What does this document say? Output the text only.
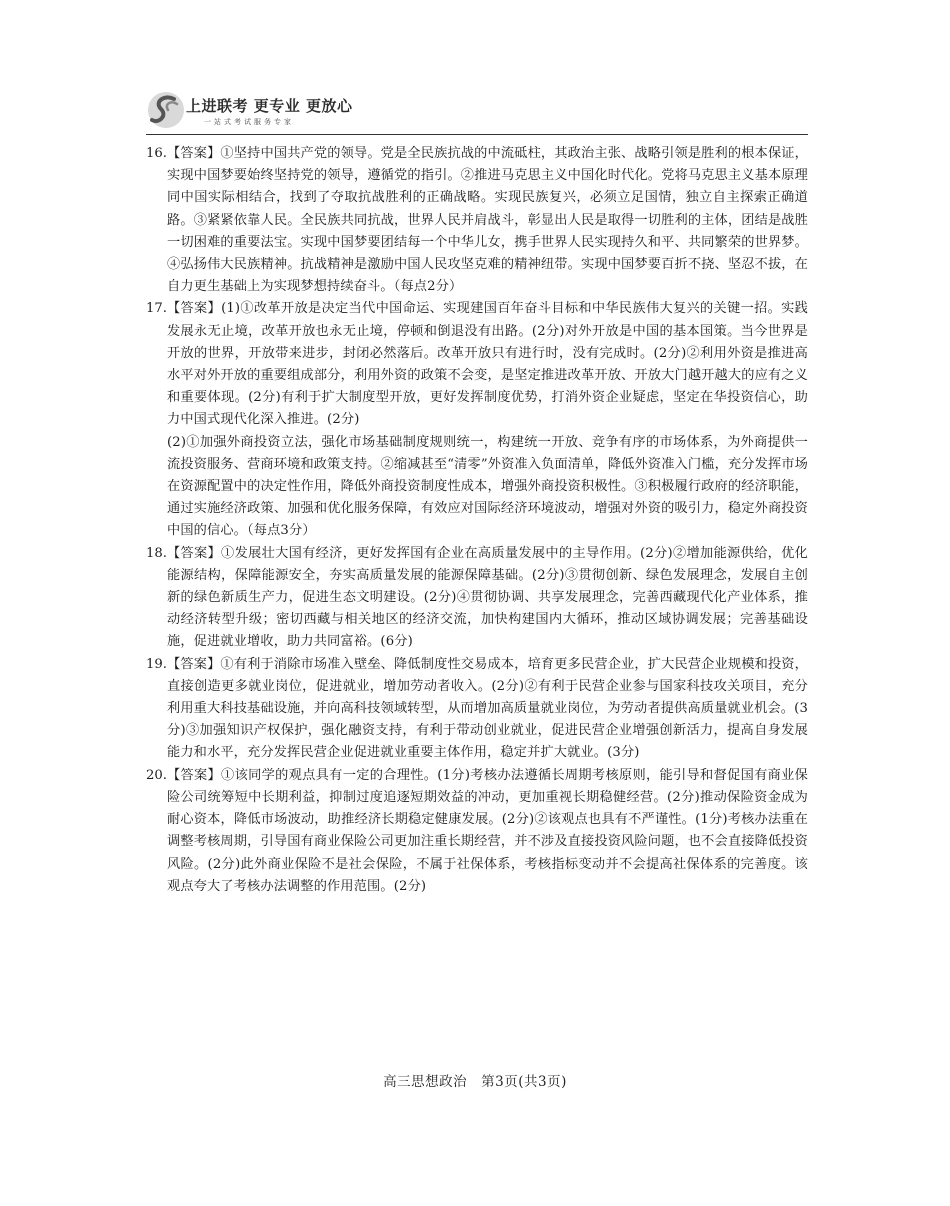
上进联考 更专业 更放心
一站式考试服务专家
16. 【答案】①坚持中国共产党的领导。党是全民族抗战的中流砥柱，其政治主张、战略引领是胜利的根本保证，实现中国梦要始终坚持党的领导，遵循党的指引。②推进马克思主义中国化时代化。党将马克思主义基本原理同中国实际相结合，找到了夺取抗战胜利的正确战略。实现民族复兴，必须立足国情，独立自主探索正确道路。③紧紧依靠人民。全民族共同抗战，世界人民并肩战斗，彰显出人民是取得一切胜利的主体，团结是战胜一切困难的重要法宝。实现中国梦要团结每一个中华儿女，携手世界人民实现持久和平、共同繁荣的世界梦。④弘扬伟大民族精神。抗战精神是激励中国人民攻坚克难的精神纽带。实现中国梦要百折不挠、坚忍不拔，在自力更生基础上为实现梦想持续奋斗。（每点2分）

17. 【答案】(1)①改革开放是决定当代中国命运、实现建国百年奋斗目标和中华民族伟大复兴的关键一招。实践发展永无止境，改革开放也永无止境，停顿和倒退没有出路。(2分)对外开放是中国的基本国策。当今世界是开放的世界，开放带来进步，封闭必然落后。改革开放只有进行时，没有完成时。(2分)②利用外资是推进高水平对外开放的重要组成部分，利用外资的政策不会变，是坚定推进改革开放、开放大门越开越大的应有之义和重要体现。(2分)有利于扩大制度型开放，更好发挥制度优势，打消外资企业疑虑，坚定在华投资信心，助力中国式现代化深入推进。(2分)

(2)①加强外商投资立法，强化市场基础制度规则统一，构建统一开放、竞争有序的市场体系，为外商提供一流投资服务、营商环境和政策支持。②缩减甚至“清零”外资准入负面清单，降低外资准入门槛，充分发挥市场在资源配置中的决定性作用，降低外商投资制度性成本，增强外商投资积极性。③积极履行政府的经济职能，通过实施经济政策、加强和优化服务保障，有效应对国际经济环境波动，增强对外资的吸引力，稳定外商投资中国的信心。（每点3分）

18. 【答案】①发展壮大国有经济，更好发挥国有企业在高质量发展中的主导作用。(2分)②增加能源供给，优化能源结构，保障能源安全，夯实高质量发展的能源保障基础。(2分)③贯彻创新、绿色发展理念，发展自主创新的绿色新质生产力，促进生态文明建设。(2分)④贯彻协调、共享发展理念，完善西藏现代化产业体系，推动经济转型升级；密切西藏与相关地区的经济交流，加快构建国内大循环，推动区域协调发展；完善基础设施，促进就业增收，助力共同富裕。(6分)

19. 【答案】①有利于消除市场准入壁垒、降低制度性交易成本，培育更多民营企业，扩大民营企业规模和投资，直接创造更多就业岗位，促进就业，增加劳动者收入。(2分)②有利于民营企业参与国家科技攻关项目，充分利用重大科技基础设施，并向高科技领域转型，从而增加高质量就业岗位，为劳动者提供高质量就业机会。(3分)③加强知识产权保护，强化融资支持，有利于带动创业就业，促进民营企业增强创新活力，提高自身发展能力和水平，充分发挥民营企业促进就业重要主体作用，稳定并扩大就业。(3分)

20. 【答案】①该同学的观点具有一定的合理性。(1分)考核办法遵循长周期考核原则，能引导和督促国有商业保险公司统筹短中长期利益，抑制过度追逐短期效益的冲动，更加重视长期稳健经营。(2分)推动保险资金成为耐心资本，降低市场波动，助推经济长期稳定健康发展。(2分)②该观点也具有不严谨性。(1分)考核办法重在调整考核周期，引导国有商业保险公司更加注重长期经营，并不涉及直接投资风险问题，也不会直接降低投资风险。(2分)此外商业保险不是社会保险，不属于社保体系，考核指标变动并不会提高社保体系的完善度。该观点夸大了考核办法调整的作用范围。(2分)

高三思想政治　第3页(共3页)
